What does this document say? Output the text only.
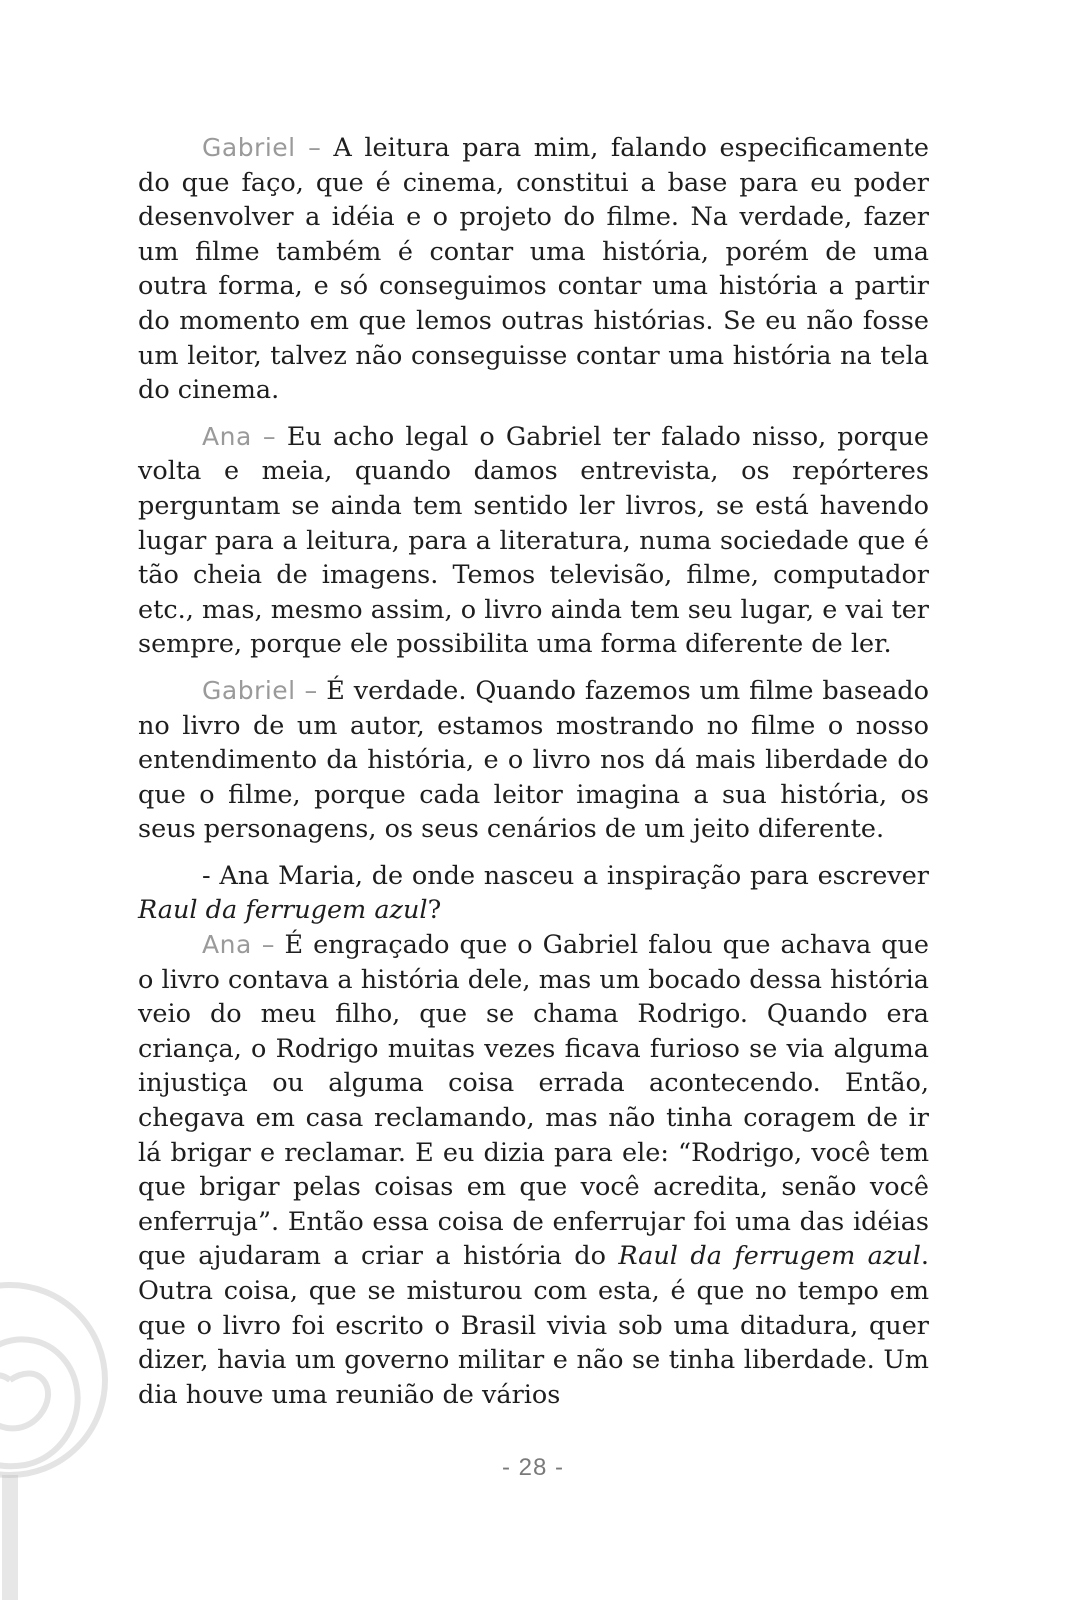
Gabriel – A leitura para mim, falando especificamente do que faço, que é cinema, constitui a base para eu poder desenvolver a idéia e o projeto do filme. Na verdade, fazer um filme também é contar uma história, porém de uma outra forma, e só conseguimos contar uma história a partir do momento em que lemos outras histórias. Se eu não fosse um leitor, talvez não conseguisse contar uma história na tela do cinema.

Ana – Eu acho legal o Gabriel ter falado nisso, porque volta e meia, quando damos entrevista, os repórteres perguntam se ainda tem sentido ler livros, se está havendo lugar para a leitura, para a literatura, numa sociedade que é tão cheia de imagens. Temos televisão, filme, computador etc., mas, mesmo assim, o livro ainda tem seu lugar, e vai ter sempre, porque ele possibilita uma forma diferente de ler.

Gabriel – É verdade. Quando fazemos um filme baseado no livro de um autor, estamos mostrando no filme o nosso entendimento da história, e o livro nos dá mais liberdade do que o filme, porque cada leitor imagina a sua história, os seus personagens, os seus cenários de um jeito diferente.

- Ana Maria, de onde nasceu a inspiração para escrever Raul da ferrugem azul?

Ana – É engraçado que o Gabriel falou que achava que o livro contava a história dele, mas um bocado dessa história veio do meu filho, que se chama Rodrigo. Quando era criança, o Rodrigo muitas vezes ficava furioso se via alguma injustiça ou alguma coisa errada acontecendo. Então, chegava em casa reclamando, mas não tinha coragem de ir lá brigar e reclamar. E eu dizia para ele: “Rodrigo, você tem que brigar pelas coisas em que você acredita, senão você enferruja”. Então essa coisa de enferrujar foi uma das idéias que ajudaram a criar a história do Raul da ferrugem azul. Outra coisa, que se misturou com esta, é que no tempo em que o livro foi escrito o Brasil vivia sob uma ditadura, quer dizer, havia um governo militar e não se tinha liberdade. Um dia houve uma reunião de vários

- 28 -
